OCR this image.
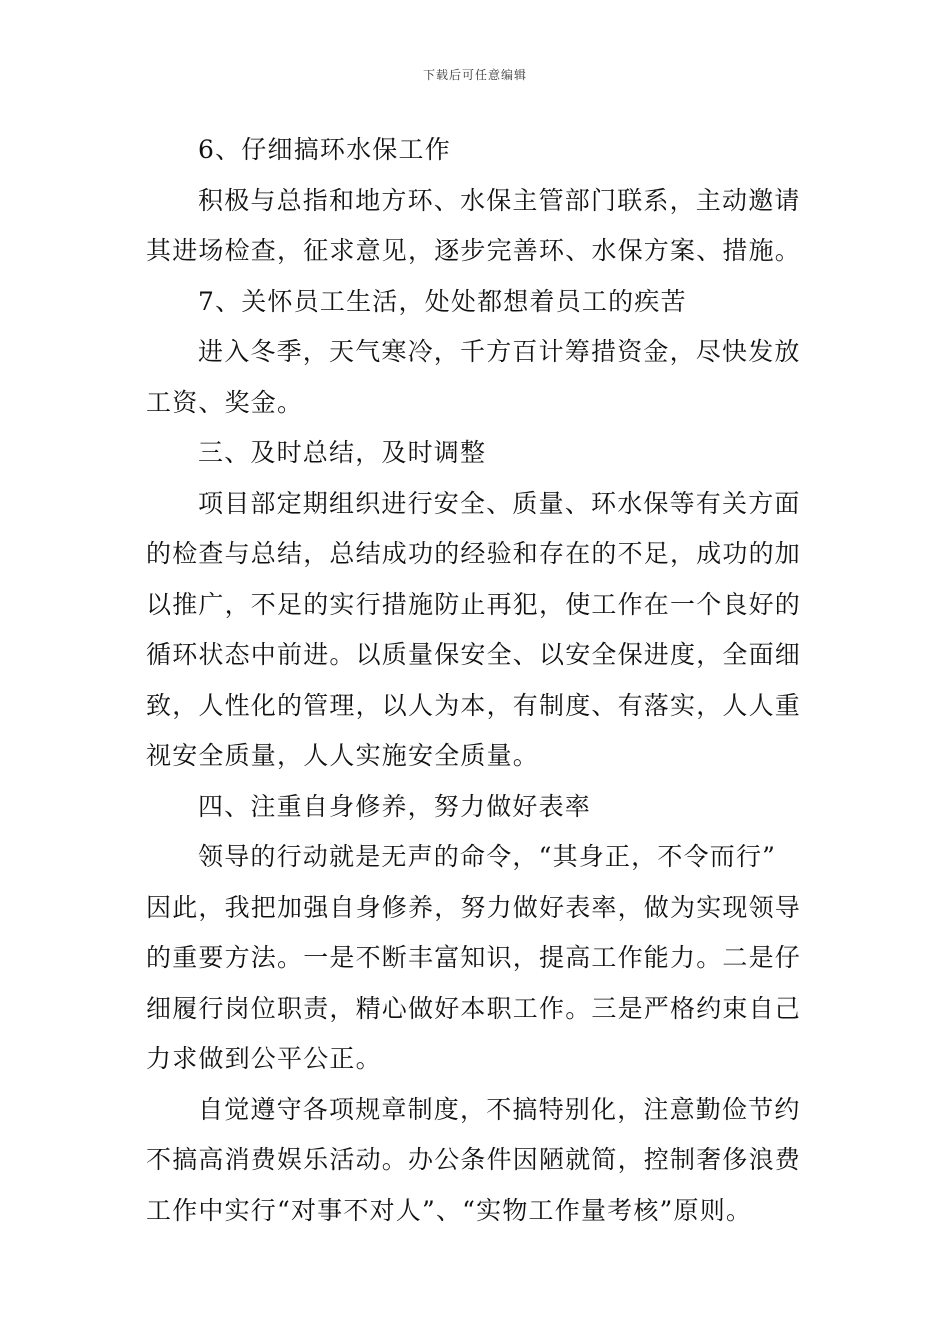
下载后可任意编辑
6、仔细搞环水保工作
积极与总指和地方环、水保主管部门联系，主动邀请
其进场检查，征求意见，逐步完善环、水保方案、措施。
7、关怀员工生活，处处都想着员工的疾苦
进入冬季，天气寒冷，千方百计筹措资金，尽快发放
工资、奖金。
三、及时总结，及时调整
项目部定期组织进行安全、质量、环水保等有关方面
的检查与总结，总结成功的经验和存在的不足，成功的加
以推广，不足的实行措施防止再犯，使工作在一个良好的
循环状态中前进。以质量保安全、以安全保进度，全面细
致，人性化的管理，以人为本，有制度、有落实，人人重
视安全质量，人人实施安全质量。
四、注重自身修养，努力做好表率
领导的行动就是无声的命令，“其身正，不令而行”
因此，我把加强自身修养，努力做好表率，做为实现领导
的重要方法。一是不断丰富知识，提高工作能力。二是仔
细履行岗位职责，精心做好本职工作。三是严格约束自己
力求做到公平公正。
自觉遵守各项规章制度，不搞特别化，注意勤俭节约
不搞高消费娱乐活动。办公条件因陋就简，控制奢侈浪费
工作中实行“对事不对人”、“实物工作量考核”原则。
